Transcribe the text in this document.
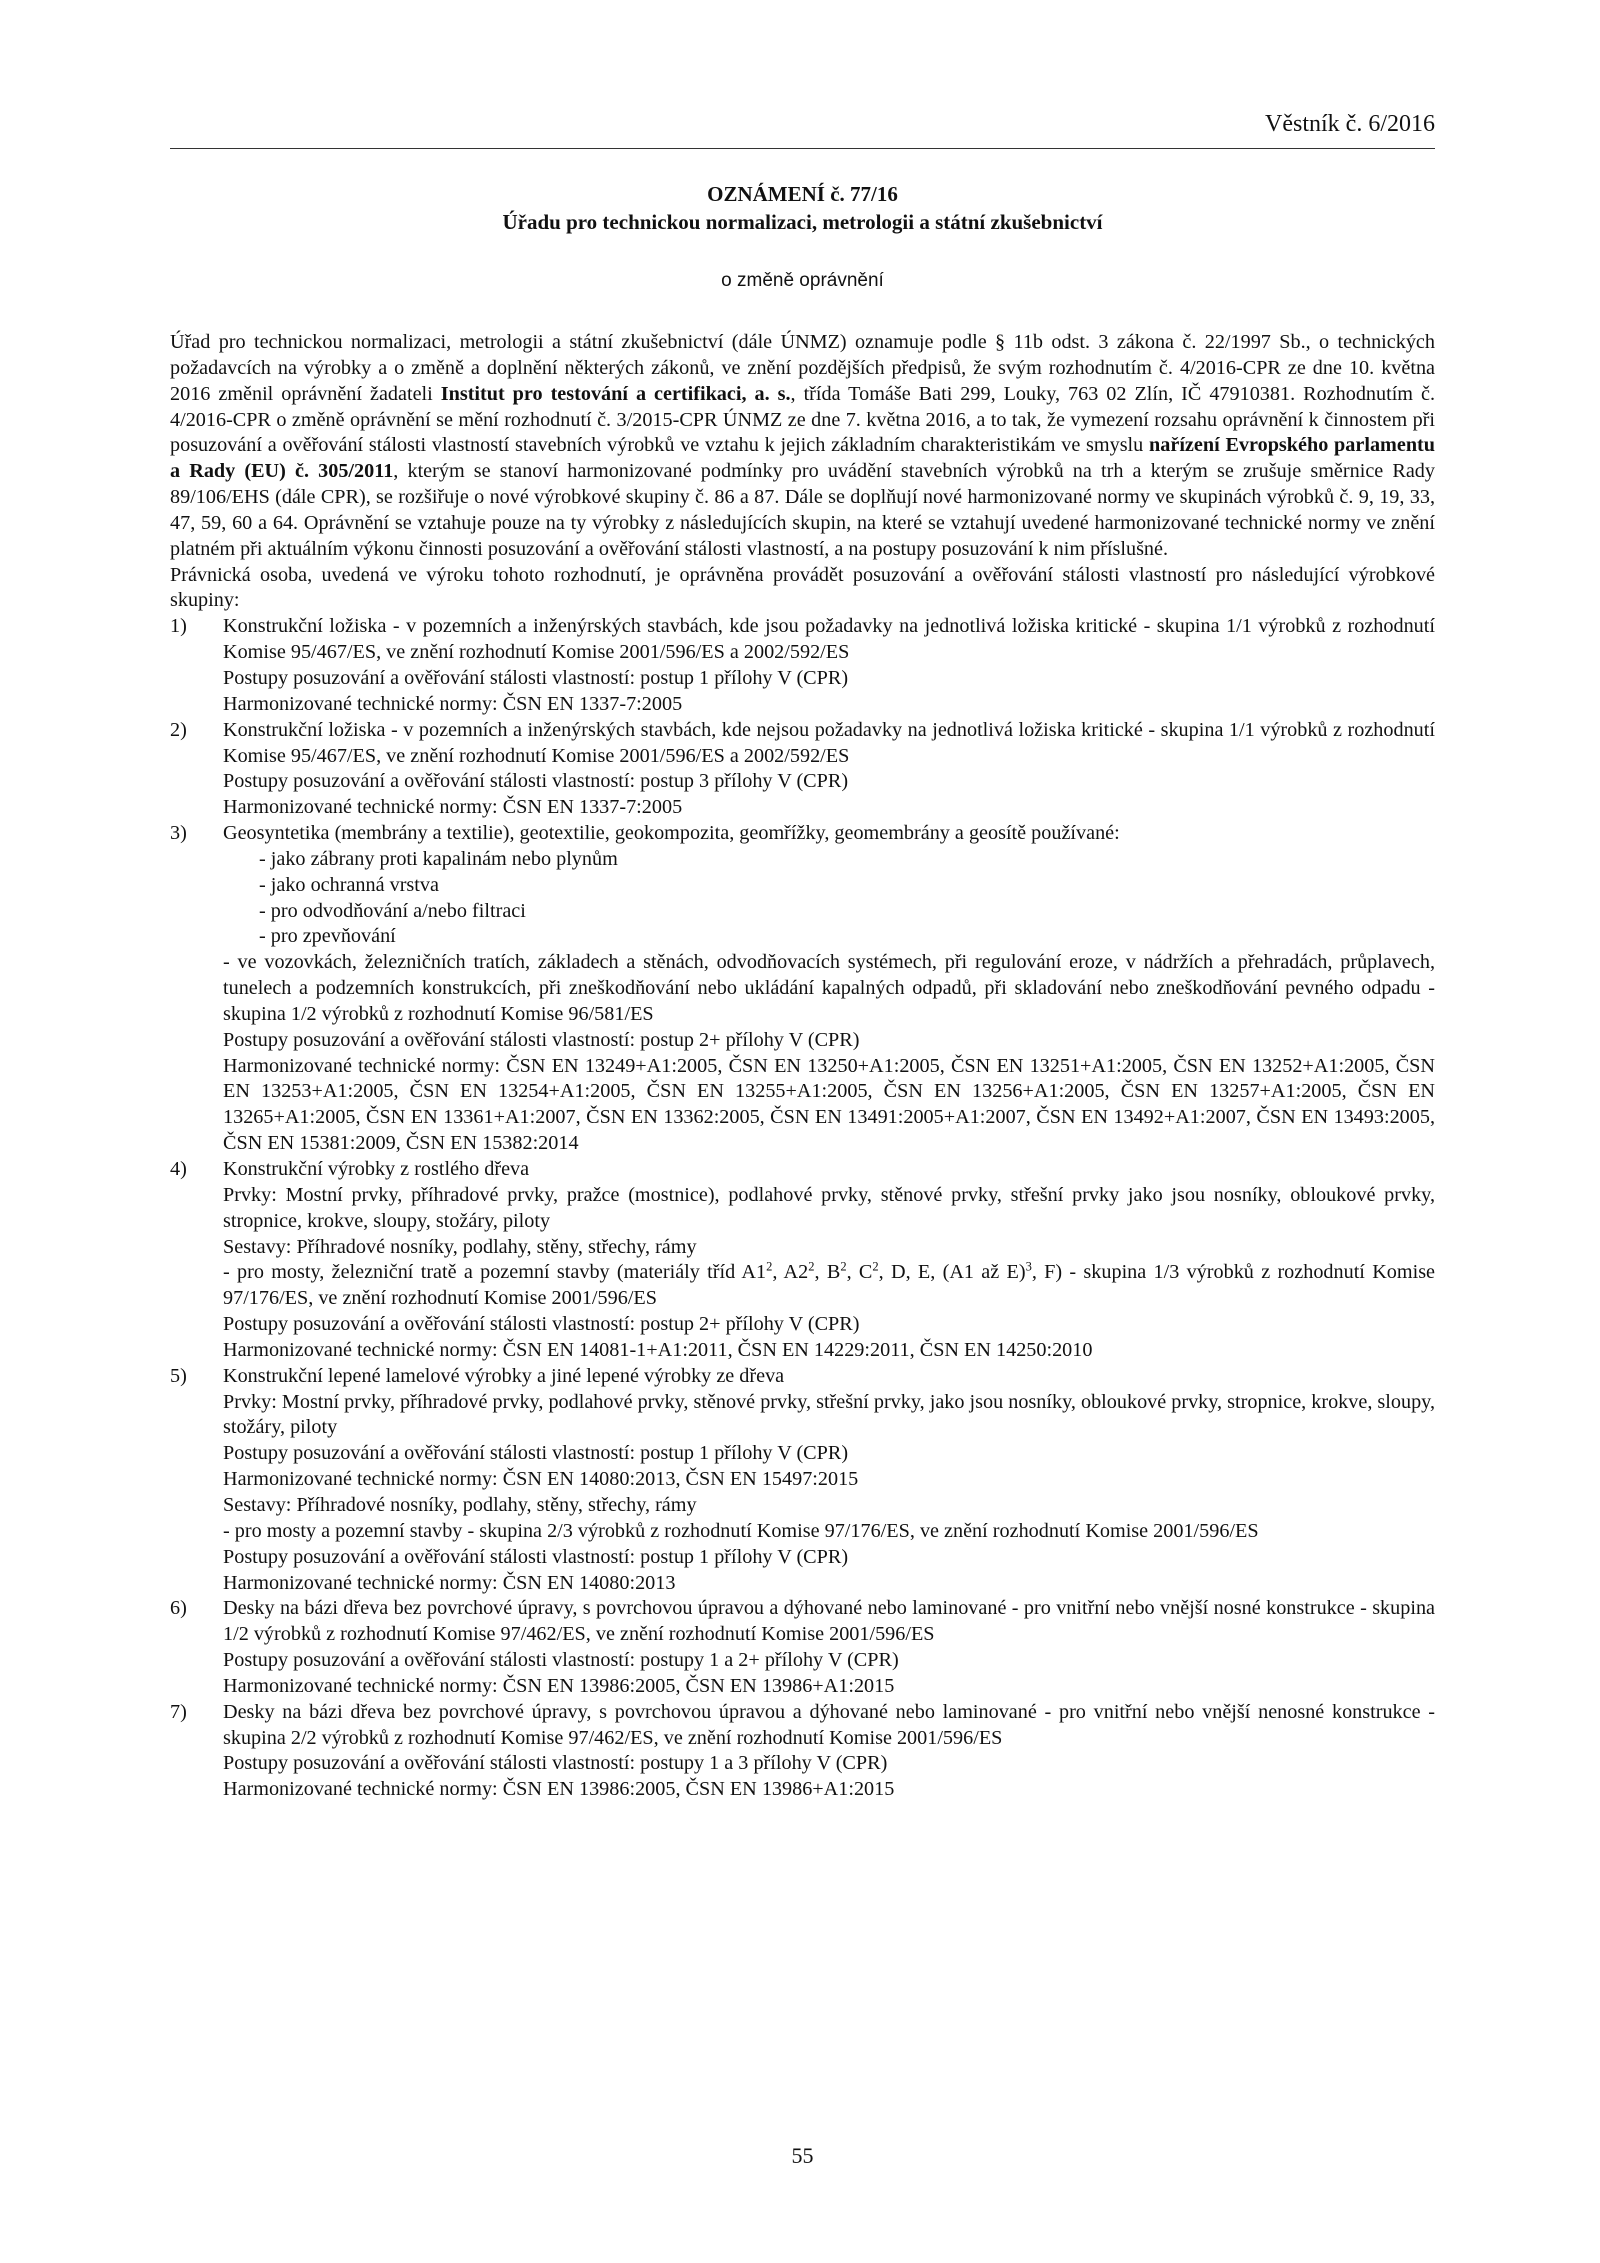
Věstník č. 6/2016
OZNÁMENÍ č. 77/16
Úřadu pro technickou normalizaci, metrologii a státní zkušebnictví
o změně oprávnění

Úřad pro technickou normalizaci, metrologii a státní zkušebnictví (dále ÚNMZ) oznamuje podle § 11b odst. 3 zákona č. 22/1997 Sb., o technických požadavcích na výrobky a o změně a doplnění některých zákonů, ve znění pozdějších předpisů, že svým rozhodnutím č. 4/2016-CPR ze dne 10. května 2016 změnil oprávnění žadateli Institut pro testování a certifikaci, a. s., třída Tomáše Bati 299, Louky, 763 02 Zlín, IČ 47910381. Rozhodnutím č. 4/2016-CPR o změně oprávnění se mění rozhodnutí č. 3/2015-CPR ÚNMZ ze dne 7. května 2016, a to tak, že vymezení rozsahu oprávnění k činnostem při posuzování a ověřování stálosti vlastností stavebních výrobků ve vztahu k jejich základním charakteristikám ve smyslu nařízení Evropského parlamentu a Rady (EU) č. 305/2011, kterým se stanoví harmonizované podmínky pro uvádění stavebních výrobků na trh a kterým se zrušuje směrnice Rady 89/106/EHS (dále CPR), se rozšiřuje o nové výrobkové skupiny č. 86 a 87. Dále se doplňují nové harmonizované normy ve skupinách výrobků č. 9, 19, 33, 47, 59, 60 a 64. Oprávnění se vztahuje pouze na ty výrobky z následujících skupin, na které se vztahují uvedené harmonizované technické normy ve znění platném při aktuálním výkonu činnosti posuzování a ověřování stálosti vlastností, a na postupy posuzování k nim příslušné.

Právnická osoba, uvedená ve výroku tohoto rozhodnutí, je oprávněna provádět posuzování a ověřování stálosti vlastností pro následující výrobkové skupiny:

1) Konstrukční ložiska - v pozemních a inženýrských stavbách, kde jsou požadavky na jednotlivá ložiska kritické - skupina 1/1 výrobků z rozhodnutí Komise 95/467/ES, ve znění rozhodnutí Komise 2001/596/ES a 2002/592/ES
Postupy posuzování a ověřování stálosti vlastností: postup 1 přílohy V (CPR)
Harmonizované technické normy: ČSN EN 1337-7:2005
2) Konstrukční ložiska - v pozemních a inženýrských stavbách, kde nejsou požadavky na jednotlivá ložiska kritické - skupina 1/1 výrobků z rozhodnutí Komise 95/467/ES, ve znění rozhodnutí Komise 2001/596/ES a 2002/592/ES
Postupy posuzování a ověřování stálosti vlastností: postup 3 přílohy V (CPR)
Harmonizované technické normy: ČSN EN 1337-7:2005
3) Geosyntetika (membrány a textilie), geotextilie, geokompozita, geomřížky, geomembrány a geosítě používané:
- jako zábrany proti kapalinám nebo plynům
- jako ochranná vrstva
- pro odvodňování a/nebo filtraci
- pro zpevňování
- ve vozovkách, železničních tratích, základech a stěnách, odvodňovacích systémech, při regulování eroze, v nádržích a přehradách, průplavech, tunelech a podzemních konstrukcích, při zneškodňování nebo ukládání kapalných odpadů, při skladování nebo zneškodňování pevného odpadu - skupina 1/2 výrobků z rozhodnutí Komise 96/581/ES
Postupy posuzování a ověřování stálosti vlastností: postup 2+ přílohy V (CPR)
Harmonizované technické normy: ČSN EN 13249+A1:2005, ČSN EN 13250+A1:2005, ČSN EN 13251+A1:2005, ČSN EN 13252+A1:2005, ČSN EN 13253+A1:2005, ČSN EN 13254+A1:2005, ČSN EN 13255+A1:2005, ČSN EN 13256+A1:2005, ČSN EN 13257+A1:2005, ČSN EN 13265+A1:2005, ČSN EN 13361+A1:2007, ČSN EN 13362:2005, ČSN EN 13491:2005+A1:2007, ČSN EN 13492+A1:2007, ČSN EN 13493:2005, ČSN EN 15381:2009, ČSN EN 15382:2014
4) Konstrukční výrobky z rostlého dřeva
Prvky: Mostní prvky, příhradové prvky, pražce (mostnice), podlahové prvky, stěnové prvky, střešní prvky jako jsou nosníky, obloukové prvky, stropnice, krokve, sloupy, stožáry, piloty
Sestavy: Příhradové nosníky, podlahy, stěny, střechy, rámy
- pro mosty, železniční tratě a pozemní stavby (materiály tříd $A1^2$, $A2^2$, $B^2$, $C^2$, D, E, (A1 až E)$^3$, F) - skupina 1/3 výrobků z rozhodnutí Komise 97/176/ES, ve znění rozhodnutí Komise 2001/596/ES
Postupy posuzování a ověřování stálosti vlastností: postup 2+ přílohy V (CPR)
Harmonizované technické normy: ČSN EN 14081-1+A1:2011, ČSN EN 14229:2011, ČSN EN 14250:2010
5) Konstrukční lepené lamelové výrobky a jiné lepené výrobky ze dřeva
Prvky: Mostní prvky, příhradové prvky, podlahové prvky, stěnové prvky, střešní prvky, jako jsou nosníky, obloukové prvky, stropnice, krokve, sloupy, stožáry, piloty
Postupy posuzování a ověřování stálosti vlastností: postup 1 přílohy V (CPR)
Harmonizované technické normy: ČSN EN 14080:2013, ČSN EN 15497:2015
Sestavy: Příhradové nosníky, podlahy, stěny, střechy, rámy
- pro mosty a pozemní stavby - skupina 2/3 výrobků z rozhodnutí Komise 97/176/ES, ve znění rozhodnutí Komise 2001/596/ES
Postupy posuzování a ověřování stálosti vlastností: postup 1 přílohy V (CPR)
Harmonizované technické normy: ČSN EN 14080:2013
6) Desky na bázi dřeva bez povrchové úpravy, s povrchovou úpravou a dýhované nebo laminované - pro vnitřní nebo vnější nosné konstrukce - skupina 1/2 výrobků z rozhodnutí Komise 97/462/ES, ve znění rozhodnutí Komise 2001/596/ES
Postupy posuzování a ověřování stálosti vlastností: postupy 1 a 2+ přílohy V (CPR)
Harmonizované technické normy: ČSN EN 13986:2005, ČSN EN 13986+A1:2015
7) Desky na bázi dřeva bez povrchové úpravy, s povrchovou úpravou a dýhované nebo laminované - pro vnitřní nebo vnější nenosné konstrukce - skupina 2/2 výrobků z rozhodnutí Komise 97/462/ES, ve znění rozhodnutí Komise 2001/596/ES
Postupy posuzování a ověřování stálosti vlastností: postupy 1 a 3 přílohy V (CPR)
Harmonizované technické normy: ČSN EN 13986:2005, ČSN EN 13986+A1:2015
55
